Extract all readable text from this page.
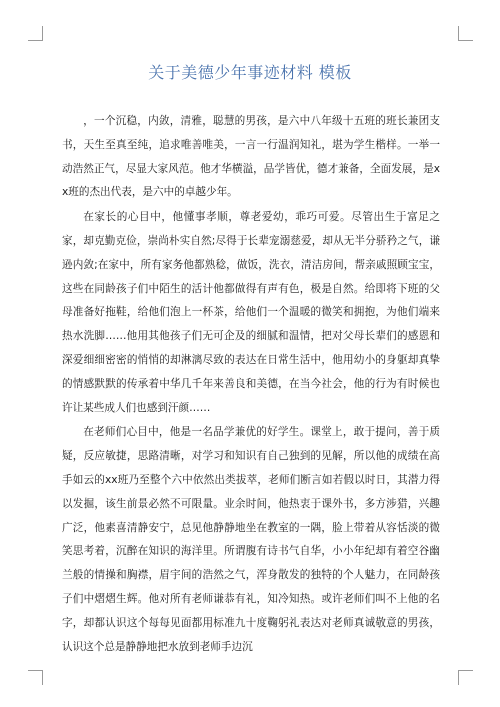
关于美德少年事迹材料 模板

，一个沉稳，内敛，清雅，聪慧的男孩，是六中八年级十五班的班长兼团支书，天生至真至纯，追求唯善唯美，一言一行温润知礼，堪为学生楷样。一举一动浩然正气，尽显大家风范。他才华横溢，品学皆优，德才兼备，全面发展，是xx班的杰出代表，是六中的卓越少年。

在家长的心目中，他懂事孝顺，尊老爱幼，乖巧可爱。尽管出生于富足之家，却克勤克俭，崇尚朴实自然;尽得于长辈宠溺慈爱，却从无半分骄矜之气，谦逊内敛;在家中，所有家务他都熟稔，做饭，洗衣，清洁房间，帮亲戚照顾宝宝，这些在同龄孩子们中陌生的活计他都做得有声有色，极是自然。给即将下班的父母准备好拖鞋，给他们泡上一杯茶，给他们一个温暖的微笑和拥抱，为他们端来热水洗脚……他用其他孩子们无可企及的细腻和温情，把对父母长辈们的感恩和深爱细细密密的悄悄的却淋漓尽致的表达在日常生活中，他用幼小的身躯却真挚的情感默默的传承着中华几千年来善良和美德，在当今社会，他的行为有时候也许让某些成人们也感到汗颜……

在老师们心目中，他是一名品学兼优的好学生。课堂上，敢于提问，善于质疑，反应敏捷，思路清晰，对学习和知识有自己独到的见解，所以他的成绩在高手如云的xx班乃至整个六中依然出类拔萃，老师们断言如若假以时日，其潜力得以发掘，该生前景必然不可限量。业余时间，他热衷于课外书，多方涉猎，兴趣广泛，他素喜清静安宁，总见他静静地坐在教室的一隅，脸上带着从容恬淡的微笑思考着，沉醉在知识的海洋里。所谓腹有诗书气自华，小小年纪却有着空谷幽兰般的情操和胸襟，眉宇间的浩然之气，浑身散发的独特的个人魅力，在同龄孩子们中熠熠生辉。他对所有老师谦恭有礼，知冷知热。或许老师们叫不上他的名字，却都认识这个每每见面都用标准九十度鞠躬礼表达对老师真诚敬意的男孩，认识这个总是静静地把水放到老师手边沉
